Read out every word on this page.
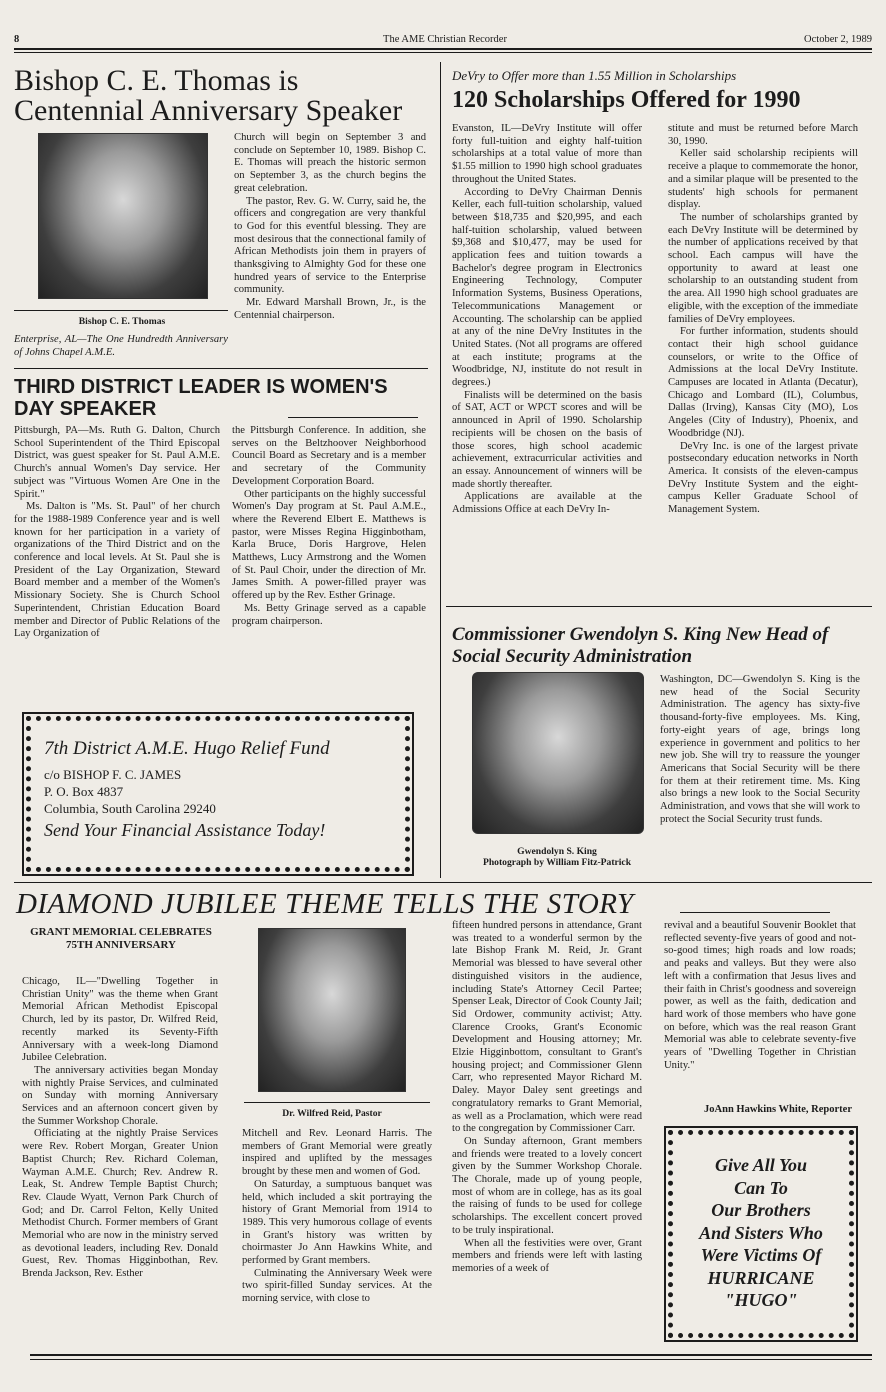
8	The AME Christian Recorder	October 2, 1989
Bishop C. E. Thomas is Centennial Anniversary Speaker
Bishop C. E. Thomas
Enterprise, AL—The One Hundredth Anniversary of Johns Chapel A.M.E.

Church will begin on September 3 and conclude on September 10, 1989. Bishop C. E. Thomas will preach the historic sermon on September 3, as the church begins the great celebration.

The pastor, Rev. G. W. Curry, said he, the officers and congregation are very thankful to God for this eventful blessing. They are most desirous that the connectional family of African Methodists join them in prayers of thanksgiving to Almighty God for these one hundred years of service to the Enterprise community.

Mr. Edward Marshall Brown, Jr., is the Centennial chairperson.

THIRD DISTRICT LEADER IS WOMEN'S DAY SPEAKER

Pittsburgh, PA—Ms. Ruth G. Dalton, Church School Superintendent of the Third Episcopal District, was guest speaker for St. Paul A.M.E. Church's annual Women's Day service. Her subject was "Virtuous Women Are One in the Spirit."

Ms. Dalton is "Ms. St. Paul" of her church for the 1988-1989 Conference year and is well known for her participation in a variety of organizations of the Third District and on the conference and local levels. At St. Paul she is President of the Lay Organization, Steward Board member and a member of the Women's Missionary Society. She is Church School Superintendent, Christian Education Board member and Director of Public Relations of the Lay Organization of

the Pittsburgh Conference. In addition, she serves on the Beltzhoover Neighborhood Council Board as Secretary and is a member and secretary of the Community Development Corporation Board.

Other participants on the highly successful Women's Day program at St. Paul A.M.E., where the Reverend Elbert E. Matthews is pastor, were Misses Regina Higginbotham, Karla Bruce, Doris Hargrove, Helen Matthews, Lucy Armstrong and the Women of St. Paul Choir, under the direction of Mr. James Smith. A power-filled prayer was offered up by the Rev. Esther Grinage.

Ms. Betty Grinage served as a capable program chairperson.

7th District A.M.E. Hugo Relief Fund
c/o BISHOP F. C. JAMES
P. O. Box 4837
Columbia, South Carolina 29240
Send Your Financial Assistance Today!
DeVry to Offer more than 1.55 Million in Scholarships
120 Scholarships Offered for 1990

Evanston, IL—DeVry Institute will offer forty full-tuition and eighty half-tuition scholarships at a total value of more than $1.55 million to 1990 high school graduates throughout the United States.

According to DeVry Chairman Dennis Keller, each full-tuition scholarship, valued between $18,735 and $20,995, and each half-tuition scholarship, valued between $9,368 and $10,477, may be used for application fees and tuition towards a Bachelor's degree program in Electronics Engineering Technology, Computer Information Systems, Business Operations, Telecommunications Management or Accounting. The scholarship can be applied at any of the nine DeVry Institutes in the United States. (Not all programs are offered at each institute; programs at the Woodbridge, NJ, institute do not result in degrees.)

Finalists will be determined on the basis of SAT, ACT or WPCT scores and will be announced in April of 1990. Scholarship recipients will be chosen on the basis of those scores, high school academic achievement, extracurricular activities and an essay. Announcement of winners will be made shortly thereafter.

Applications are available at the Admissions Office at each DeVry In-

stitute and must be returned before March 30, 1990.

Keller said scholarship recipients will receive a plaque to commemorate the honor, and a similar plaque will be presented to the students' high schools for permanent display.

The number of scholarships granted by each DeVry Institute will be determined by the number of applications received by that school. Each campus will have the opportunity to award at least one scholarship to an outstanding student from the area. All 1990 high school graduates are eligible, with the exception of the immediate families of DeVry employees.

For further information, students should contact their high school guidance counselors, or write to the Office of Admissions at the local DeVry Institute. Campuses are located in Atlanta (Decatur), Chicago and Lombard (IL), Columbus, Dallas (Irving), Kansas City (MO), Los Angeles (City of Industry), Phoenix, and Woodbridge (NJ).

DeVry Inc. is one of the largest private postsecondary education networks in North America. It consists of the eleven-campus DeVry Institute System and the eight-campus Keller Graduate School of Management System.

Commissioner Gwendolyn S. King New Head of Social Security Administration
Gwendolyn S. King
Photograph by William Fitz-Patrick
Washington, DC—Gwendolyn S. King is the new head of the Social Security Administration. The agency has sixty-five thousand-forty-five employees. Ms. King, forty-eight years of age, brings long experience in government and politics to her new job. She will try to reassure the younger Americans that Social Security will be there for them at their retirement time. Ms. King also brings a new look to the Social Security Administration, and vows that she will work to protect the Social Security trust funds.
DIAMOND JUBILEE THEME TELLS THE STORY
GRANT MEMORIAL CELEBRATES 75TH ANNIVERSARY

Chicago, IL—"Dwelling Together in Christian Unity" was the theme when Grant Memorial African Methodist Episcopal Church, led by its pastor, Dr. Wilfred Reid, recently marked its Seventy-Fifth Anniversary with a week-long Diamond Jubilee Celebration.

The anniversary activities began Monday with nightly Praise Services, and culminated on Sunday with morning Anniversary Services and an afternoon concert given by the Summer Workshop Chorale.

Officiating at the nightly Praise Services were Rev. Robert Morgan, Greater Union Baptist Church; Rev. Richard Coleman, Wayman A.M.E. Church; Rev. Andrew R. Leak, St. Andrew Temple Baptist Church; Rev. Claude Wyatt, Vernon Park Church of God; and Dr. Carrol Felton, Kelly United Methodist Church. Former members of Grant Memorial who are now in the ministry served as devotional leaders, including Rev. Donald Guest, Rev. Thomas Higginbothan, Rev. Brenda Jackson, Rev. Esther

Dr. Wilfred Reid, Pastor

Mitchell and Rev. Leonard Harris. The members of Grant Memorial were greatly inspired and uplifted by the messages brought by these men and women of God.

On Saturday, a sumptuous banquet was held, which included a skit portraying the history of Grant Memorial from 1914 to 1989. This very humorous collage of events in Grant's history was written by choirmaster Jo Ann Hawkins White, and performed by Grant members.

Culminating the Anniversary Week were two spirit-filled Sunday services. At the morning service, with close to

fifteen hundred persons in attendance, Grant was treated to a wonderful sermon by the late Bishop Frank M. Reid, Jr. Grant Memorial was blessed to have several other distinguished visitors in the audience, including State's Attorney Cecil Partee; Spenser Leak, Director of Cook County Jail; Sid Ordower, community activist; Atty. Clarence Crooks, Grant's Economic Development and Housing attorney; Mr. Elzie Higginbottom, consultant to Grant's housing project; and Commissioner Glenn Carr, who represented Mayor Richard M. Daley. Mayor Daley sent greetings and congratulatory remarks to Grant Memorial, as well as a Proclamation, which were read to the congregation by Commissioner Carr.

On Sunday afternoon, Grant members and friends were treated to a lovely concert given by the Summer Workshop Chorale. The Chorale, made up of young people, most of whom are in college, has as its goal the raising of funds to be used for college scholarships. The excellent concert proved to be truly inspirational.

When all the festivities were over, Grant members and friends were left with lasting memories of a week of

revival and a beautiful Souvenir Booklet that reflected seventy-five years of good and not-so-good times; high roads and low roads; and peaks and valleys. But they were also left with a confirmation that Jesus lives and their faith in Christ's goodness and sovereign power, as well as the faith, dedication and hard work of those members who have gone on before, which was the real reason Grant Memorial was able to celebrate seventy-five years of "Dwelling Together in Christian Unity."

JoAnn Hawkins White, Reporter
Give All You
Can To
Our Brothers
And Sisters Who
Were Victims Of
HURRICANE
"HUGO"
